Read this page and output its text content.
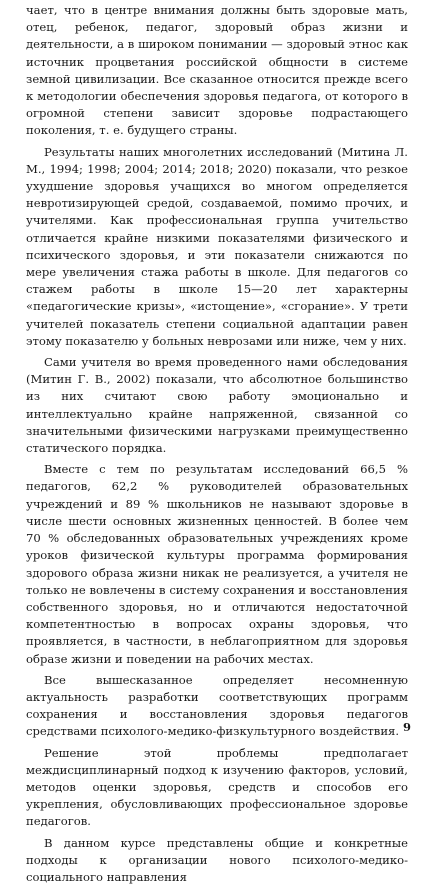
чает, что в центре внимания должны быть здоровые мать, отец, ребенок, педагог, здоровый образ жизни и деятельности, а в широком понимании — здоровый этнос как источник процветания российской общности в системе земной цивилизации. Все сказанное относится прежде всего к методологии обеспечения здоровья педагога, от которого в огромной степени зависит здоровье подрастающего поколения, т. е. будущего страны.

Результаты наших многолетних исследований (Митина Л. М., 1994; 1998; 2004; 2014; 2018; 2020) показали, что резкое ухудшение здоровья учащихся во многом определяется невротизирующей средой, создаваемой, помимо прочих, и учителями. Как профессиональная группа учительство отличается крайне низкими показателями физического и психического здоровья, и эти показатели снижаются по мере увеличения стажа работы в школе. Для педагогов со стажем работы в школе 15—20 лет характерны «педагогические кризы», «истощение», «сгорание». У трети учителей показатель степени социальной адаптации равен этому показателю у больных неврозами или ниже, чем у них.

Сами учителя во время проведенного нами обследования (Митин Г. В., 2002) показали, что абсолютное большинство из них считают свою работу эмоционально и интеллектуально крайне напряженной, связанной со значительными физическими нагрузками преимущественно статического порядка.

Вместе с тем по результатам исследований 66,5 % педагогов, 62,2 % руководителей образовательных учреждений и 89 % школьников не называют здоровье в числе шести основных жизненных ценностей. В более чем 70 % обследованных образовательных учреждениях кроме уроков физической культуры программа формирования здорового образа жизни никак не реализуется, а учителя не только не вовлечены в систему сохранения и восстановления собственного здоровья, но и отличаются недостаточной компетентностью в вопросах охраны здоровья, что проявляется, в частности, в неблагоприятном для здоровья образе жизни и поведении на рабочих местах.

Все вышесказанное определяет несомненную актуальность разработки соответствующих программ сохранения и восстановления здоровья педагогов средствами психолого-медико-физкультурного воздействия.

Решение этой проблемы предполагает междисциплинарный подход к изучению факторов, условий, методов оценки здоровья, средств и способов его укрепления, обусловливающих профессиональное здоровье педагогов.

В данном курсе представлены общие и конкретные подходы к организации нового психолого-медико-социального направления

9
